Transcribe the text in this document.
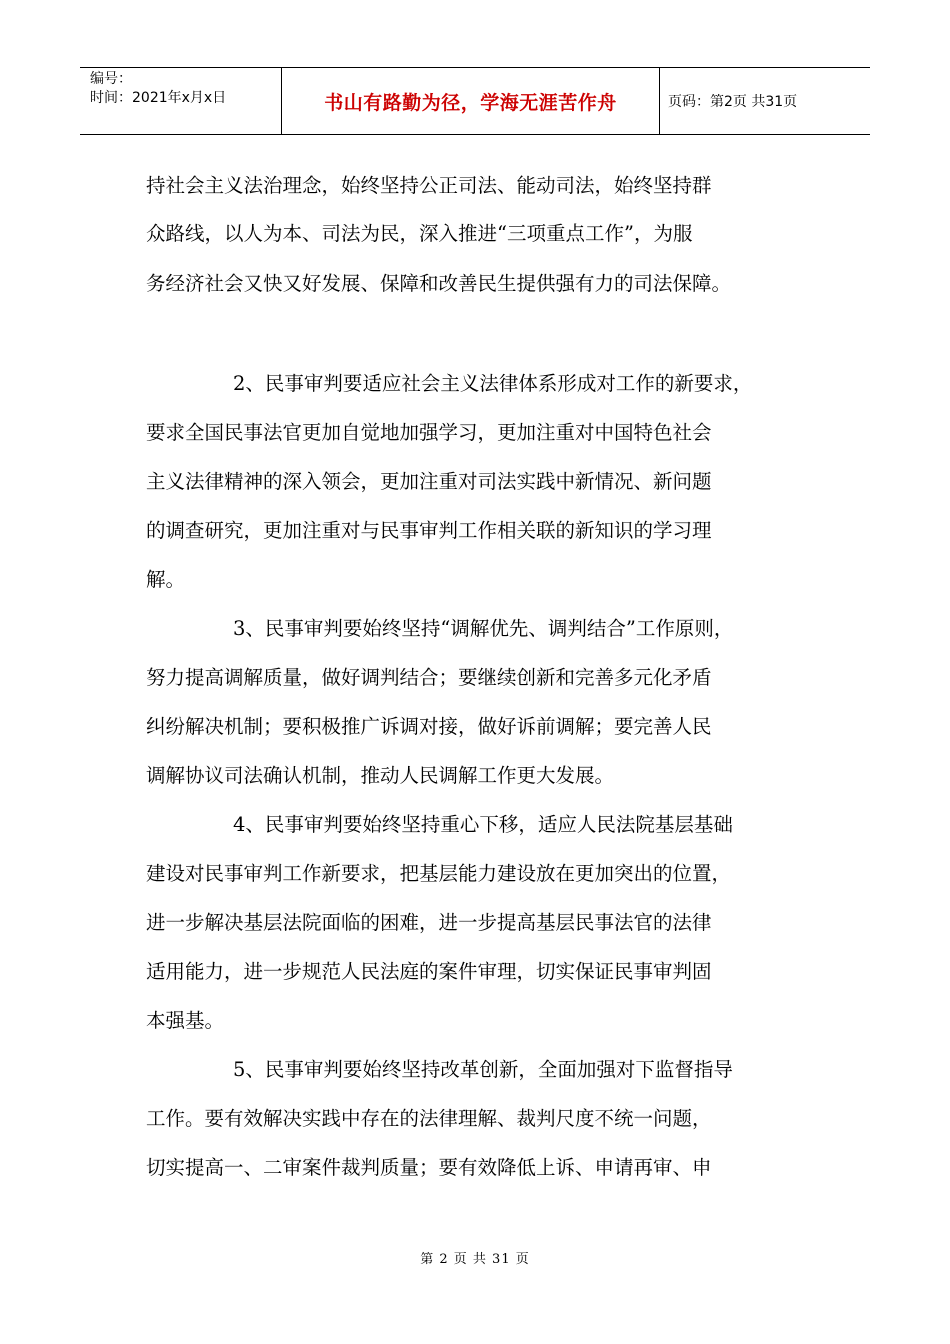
编号：
时间：2021年x月x日	书山有路勤为径，学海无涯苦作舟	页码：第2页 共31页
持社会主义法治理念，始终坚持公正司法、能动司法，始终坚持群
众路线，以人为本、司法为民，深入推进“三项重点工作”，为服
务经济社会又快又好发展、保障和改善民生提供强有力的司法保障。
2、民事审判要适应社会主义法律体系形成对工作的新要求，
要求全国民事法官更加自觉地加强学习，更加注重对中国特色社会
主义法律精神的深入领会，更加注重对司法实践中新情况、新问题
的调查研究，更加注重对与民事审判工作相关联的新知识的学习理
解。
3、民事审判要始终坚持“调解优先、调判结合”工作原则，
努力提高调解质量，做好调判结合；要继续创新和完善多元化矛盾
纠纷解决机制；要积极推广诉调对接，做好诉前调解；要完善人民
调解协议司法确认机制，推动人民调解工作更大发展。
4、民事审判要始终坚持重心下移，适应人民法院基层基础
建设对民事审判工作新要求，把基层能力建设放在更加突出的位置，
进一步解决基层法院面临的困难，进一步提高基层民事法官的法律
适用能力，进一步规范人民法庭的案件审理，切实保证民事审判固
本强基。
5、民事审判要始终坚持改革创新，全面加强对下监督指导
工作。要有效解决实践中存在的法律理解、裁判尺度不统一问题，
切实提高一、二审案件裁判质量；要有效降低上诉、申请再审、申
第 2 页 共 31 页
